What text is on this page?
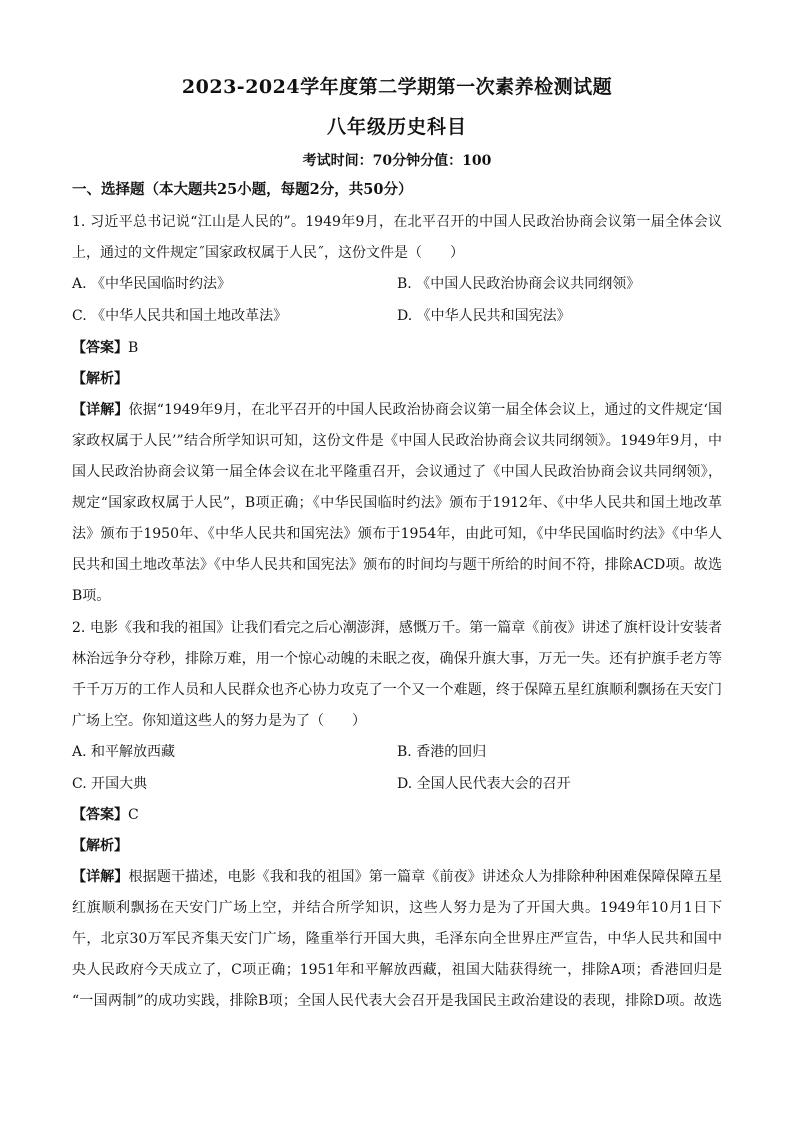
2023-2024学年度第二学期第一次素养检测试题
八年级历史科目
考试时间：70分钟分值：100
一、选择题（本大题共25小题，每题2分，共50分）
1. 习近平总书记说“江山是人民的”。1949年9月，在北平召开的中国人民政治协商会议第一届全体会议
上，通过的文件规定˝国家政权属于人民˝，这份文件是（　　）
A. 《中华民国临时约法》	B. 《中国人民政治协商会议共同纲领》
C. 《中华人民共和国土地改革法》	D. 《中华人民共和国宪法》
【答案】B
【解析】
【详解】依据“1949年9月，在北平召开的中国人民政治协商会议第一届全体会议上，通过的文件规定‘国
家政权属于人民’”结合所学知识可知，这份文件是《中国人民政治协商会议共同纲领》。1949年9月，中
国人民政治协商会议第一届全体会议在北平隆重召开，会议通过了《中国人民政治协商会议共同纲领》，
规定“国家政权属于人民”，B项正确；《中华民国临时约法》颁布于1912年、《中华人民共和国土地改革
法》颁布于1950年、《中华人民共和国宪法》颁布于1954年，由此可知，《中华民国临时约法》《中华人
民共和国土地改革法》《中华人民共和国宪法》颁布的时间均与题干所给的时间不符，排除ACD项。故选
B项。
2. 电影《我和我的祖国》让我们看完之后心潮澎湃，感慨万千。第一篇章《前夜》讲述了旗杆设计安装者
林治远争分夺秒，排除万难，用一个惊心动魄的未眠之夜，确保升旗大事，万无一失。还有护旗手老方等
千千万万的工作人员和人民群众也齐心协力攻克了一个又一个难题，终于保障五星红旗顺利飘扬在天安门
广场上空。你知道这些人的努力是为了（　　）
A. 和平解放西藏	B. 香港的回归
C. 开国大典	D. 全国人民代表大会的召开
【答案】C
【解析】
【详解】根据题干描述，电影《我和我的祖国》第一篇章《前夜》讲述众人为排除种种困难保障保障五星
红旗顺利飘扬在天安门广场上空，并结合所学知识，这些人努力是为了开国大典。1949年10月1日下
午，北京30万军民齐集天安门广场，隆重举行开国大典，毛泽东向全世界庄严宣告，中华人民共和国中
央人民政府今天成立了，C项正确；1951年和平解放西藏，祖国大陆获得统一，排除A项；香港回归是
“一国两制”的成功实践，排除B项；全国人民代表大会召开是我国民主政治建设的表现，排除D项。故选
